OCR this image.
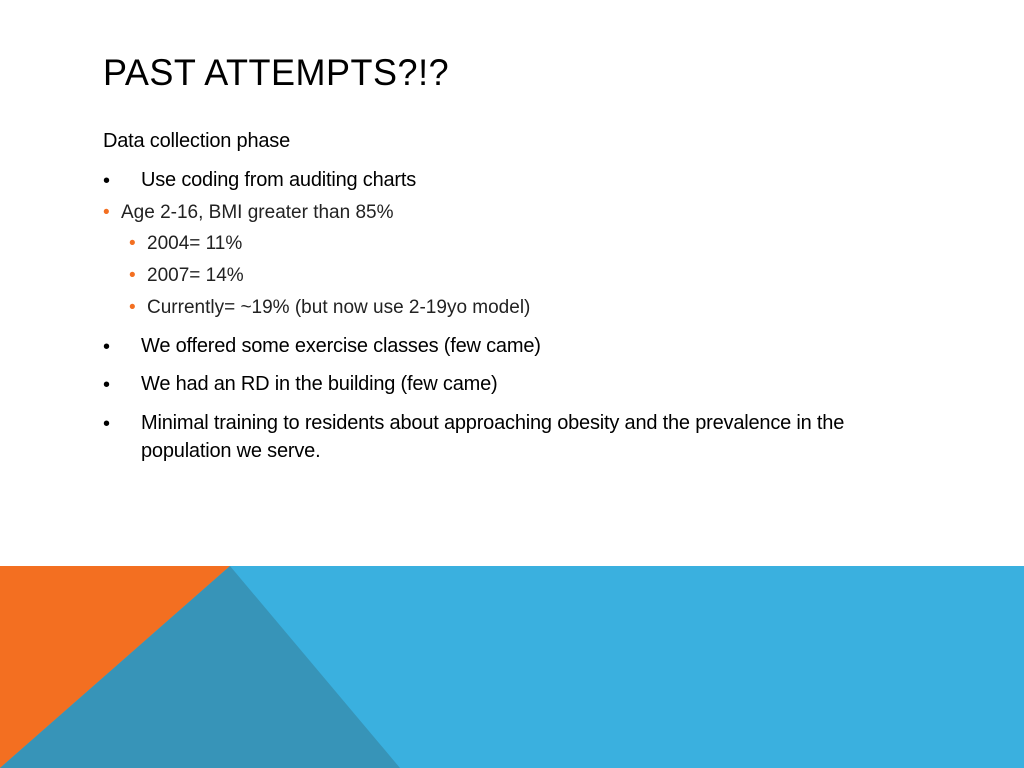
PAST ATTEMPTS?!?
Data collection phase
• Use coding from auditing charts
• Age 2-16, BMI greater than 85%
• 2004= 11%
• 2007= 14%
• Currently= ~19% (but now use 2-19yo model)
• We offered some exercise classes (few came)
• We had an RD in the building (few came)
• Minimal training to residents about approaching obesity and the prevalence in the population we serve.
